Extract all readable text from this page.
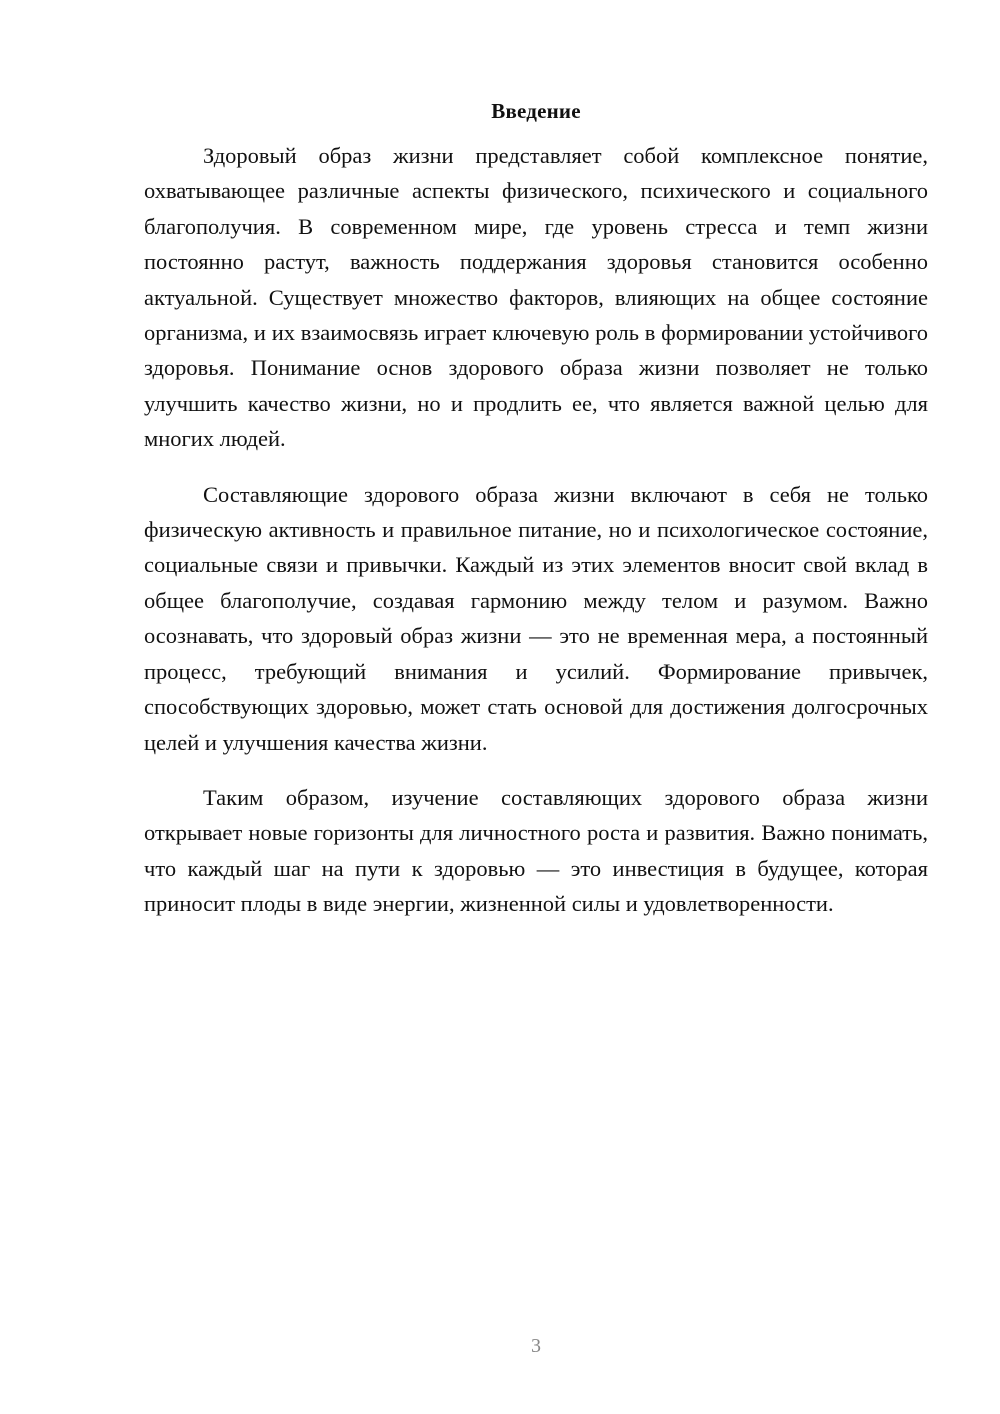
Введение

Здоровый образ жизни представляет собой комплексное понятие, охватывающее различные аспекты физического, психического и социального благополучия. В современном мире, где уровень стресса и темп жизни постоянно растут, важность поддержания здоровья становится особенно актуальной. Существует множество факторов, влияющих на общее состояние организма, и их взаимосвязь играет ключевую роль в формировании устойчивого здоровья. Понимание основ здорового образа жизни позволяет не только улучшить качество жизни, но и продлить ее, что является важной целью для многих людей.

Составляющие здорового образа жизни включают в себя не только физическую активность и правильное питание, но и психологическое состояние, социальные связи и привычки. Каждый из этих элементов вносит свой вклад в общее благополучие, создавая гармонию между телом и разумом. Важно осознавать, что здоровый образ жизни — это не временная мера, а постоянный процесс, требующий внимания и усилий. Формирование привычек, способствующих здоровью, может стать основой для достижения долгосрочных целей и улучшения качества жизни.

Таким образом, изучение составляющих здорового образа жизни открывает новые горизонты для личностного роста и развития. Важно понимать, что каждый шаг на пути к здоровью — это инвестиция в будущее, которая приносит плоды в виде энергии, жизненной силы и удовлетворенности.

3
